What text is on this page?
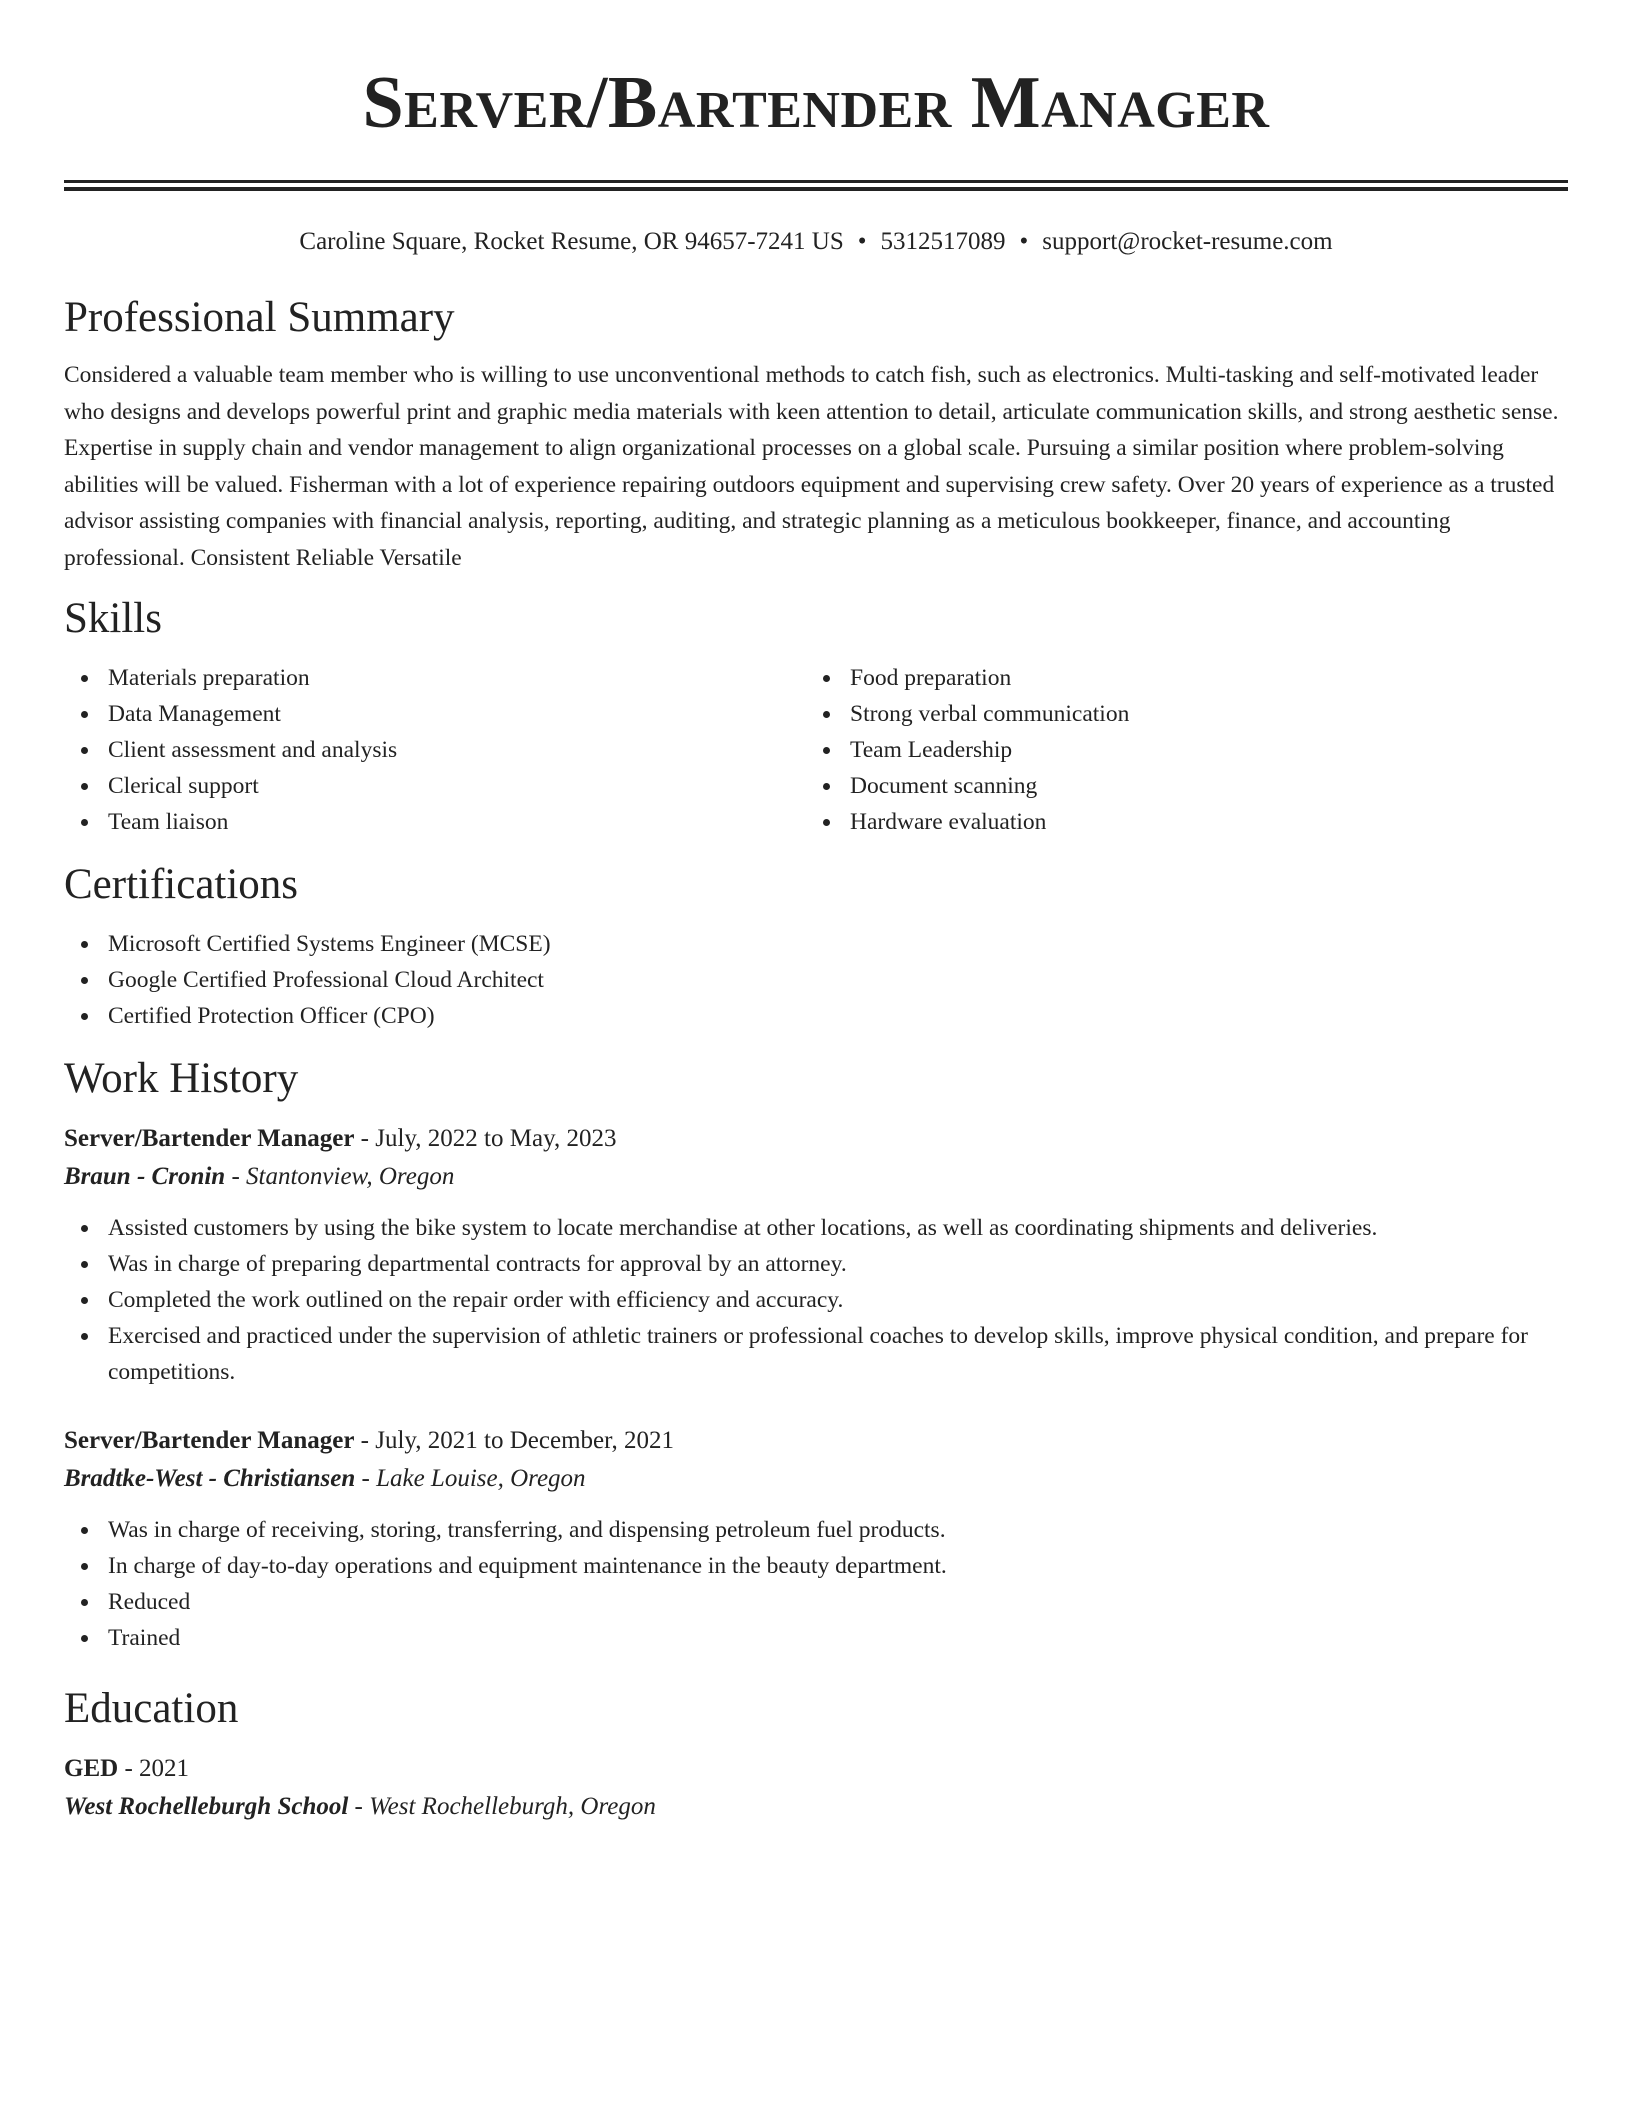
Server/Bartender Manager
Caroline Square, Rocket Resume, OR 94657-7241 US • 5312517089 • support@rocket-resume.com
Professional Summary

Considered a valuable team member who is willing to use unconventional methods to catch fish, such as electronics. Multi-tasking and self-motivated leader who designs and develops powerful print and graphic media materials with keen attention to detail, articulate communication skills, and strong aesthetic sense. Expertise in supply chain and vendor management to align organizational processes on a global scale. Pursuing a similar position where problem-solving abilities will be valued. Fisherman with a lot of experience repairing outdoors equipment and supervising crew safety. Over 20 years of experience as a trusted advisor assisting companies with financial analysis, reporting, auditing, and strategic planning as a meticulous bookkeeper, finance, and accounting professional. Consistent Reliable Versatile

Skills
Materials preparation
Data Management
Client assessment and analysis
Clerical support
Team liaison
Food preparation
Strong verbal communication
Team Leadership
Document scanning
Hardware evaluation
Certifications
Microsoft Certified Systems Engineer (MCSE)
Google Certified Professional Cloud Architect
Certified Protection Officer (CPO)
Work History
Server/Bartender Manager - July, 2022 to May, 2023
Braun - Cronin - Stantonview, Oregon
Assisted customers by using the bike system to locate merchandise at other locations, as well as coordinating shipments and deliveries.
Was in charge of preparing departmental contracts for approval by an attorney.
Completed the work outlined on the repair order with efficiency and accuracy.
Exercised and practiced under the supervision of athletic trainers or professional coaches to develop skills, improve physical condition, and prepare for competitions.
Server/Bartender Manager - July, 2021 to December, 2021
Bradtke-West - Christiansen - Lake Louise, Oregon
Was in charge of receiving, storing, transferring, and dispensing petroleum fuel products.
In charge of day-to-day operations and equipment maintenance in the beauty department.
Reduced
Trained
Education
GED - 2021
West Rochelleburgh School - West Rochelleburgh, Oregon
